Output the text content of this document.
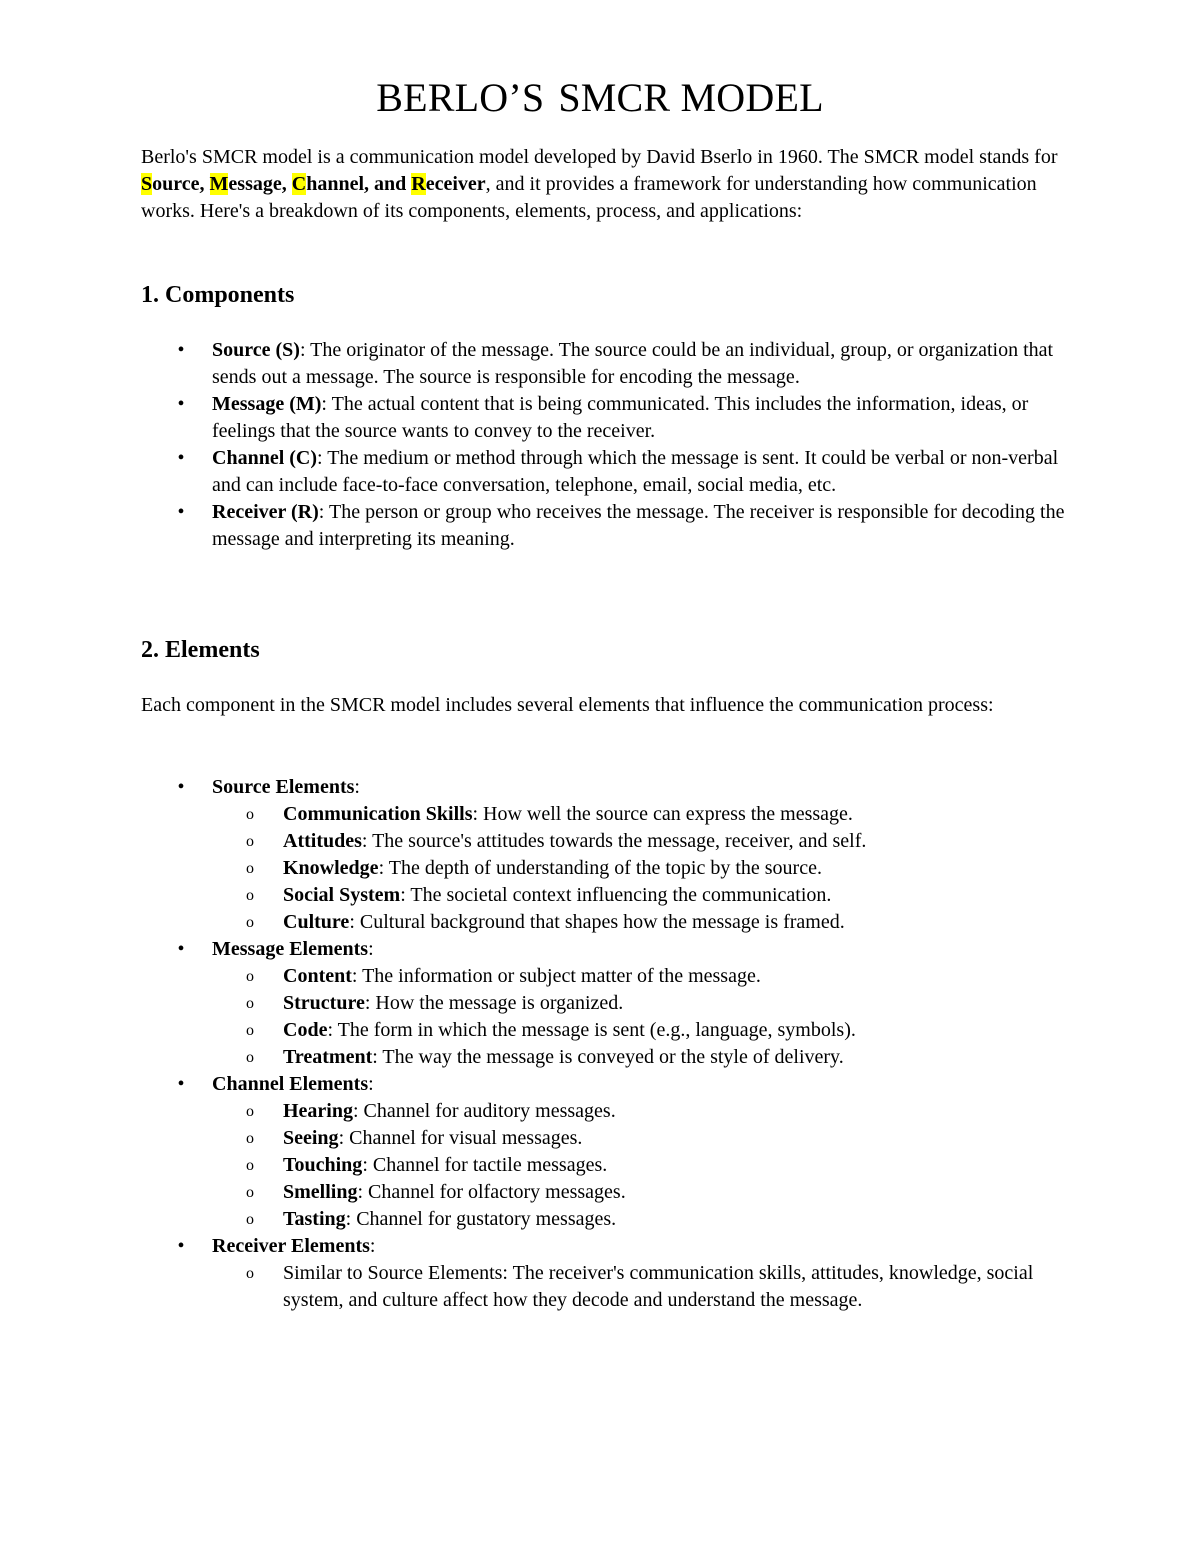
BERLO’S SMCR MODEL

Berlo's SMCR model is a communication model developed by David Bserlo in 1960. The SMCR model stands for Source, Message, Channel, and Receiver, and it provides a framework for understanding how communication works. Here's a breakdown of its components, elements, process, and applications:

1. Components
• Source (S): The originator of the message. The source could be an individual, group, or organization that sends out a message. The source is responsible for encoding the message.
• Message (M): The actual content that is being communicated. This includes the information, ideas, or feelings that the source wants to convey to the receiver.
• Channel (C): The medium or method through which the message is sent. It could be verbal or non-verbal and can include face-to-face conversation, telephone, email, social media, etc.
• Receiver (R): The person or group who receives the message. The receiver is responsible for decoding the message and interpreting its meaning.
2. Elements

Each component in the SMCR model includes several elements that influence the communication process:

• Source Elements:
o Communication Skills: How well the source can express the message.
o Attitudes: The source's attitudes towards the message, receiver, and self.
o Knowledge: The depth of understanding of the topic by the source.
o Social System: The societal context influencing the communication.
o Culture: Cultural background that shapes how the message is framed.
• Message Elements:
o Content: The information or subject matter of the message.
o Structure: How the message is organized.
o Code: The form in which the message is sent (e.g., language, symbols).
o Treatment: The way the message is conveyed or the style of delivery.
• Channel Elements:
o Hearing: Channel for auditory messages.
o Seeing: Channel for visual messages.
o Touching: Channel for tactile messages.
o Smelling: Channel for olfactory messages.
o Tasting: Channel for gustatory messages.
• Receiver Elements:
o Similar to Source Elements: The receiver's communication skills, attitudes, knowledge, social system, and culture affect how they decode and understand the message.
